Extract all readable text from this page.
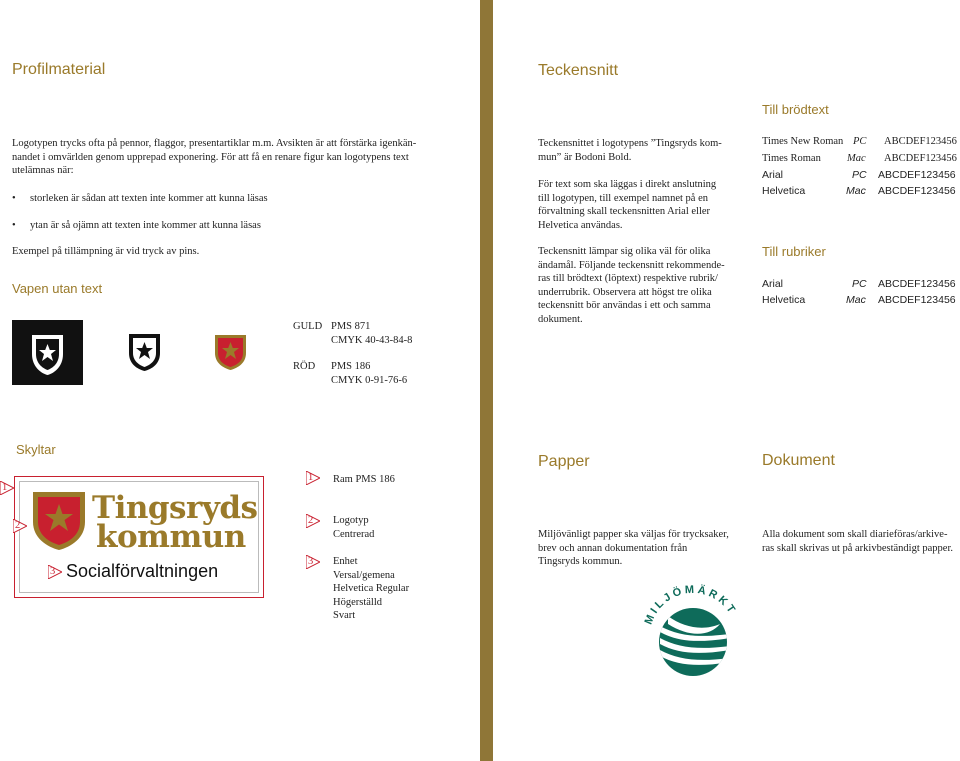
Profilmaterial
Logotypen trycks ofta på pennor, flaggor, presentartiklar m.m. Avsikten är att förstärka igenkän-
nandet i omvärlden genom upprepad exponering. För att få en renare figur kan logotypens text
utelämnas när:
• storleken är sådan att texten inte kommer att kunna läsas
• ytan är så ojämn att texten inte kommer att kunna läsas
Exempel på tillämpning är vid tryck av pins.
Vapen utan text
GULD PMS 871
CMYK 40-43-84-8
RÖD PMS 186
CMYK 0-91-76-6
Skyltar
Tingsryds
kommun
Socialförvaltningen
1
2
3
1 Ram PMS 186
2 Logotyp
Centrerad
3 Enhet
Versal/gemena
Helvetica Regular
Högerställd
Svart
Teckensnitt
Till brödtext
Teckensnittet i logotypens ”Tingsryds kom-
mun” är Bodoni Bold.
För text som ska läggas i direkt anslutning
till logotypen, till exempel namnet på en
förvaltning skall teckensnitten Arial eller
Helvetica användas.
Teckensnitt lämpar sig olika väl för olika
ändamål. Följande teckensnitt rekommende-
ras till brödtext (löptext) respektive rubrik/
underrubrik. Observera att högst tre olika
teckensnitt bör användas i ett och samma
dokument.
Times New Roman PC ABCDEF123456
Times Roman Mac ABCDEF123456
Arial	PC ABCDEF123456
Helvetica	Mac ABCDEF123456
Till rubriker
Arial	PC ABCDEF123456
Helvetica	Mac ABCDEF123456
Papper
Miljövänligt papper ska väljas för trycksaker,
brev och annan dokumentation från
Tingsryds kommun.
MILJÖMÄRKT
Dokument
Alla dokument som skall diarieföras/arkive-
ras skall skrivas ut på arkivbeständigt papper.
